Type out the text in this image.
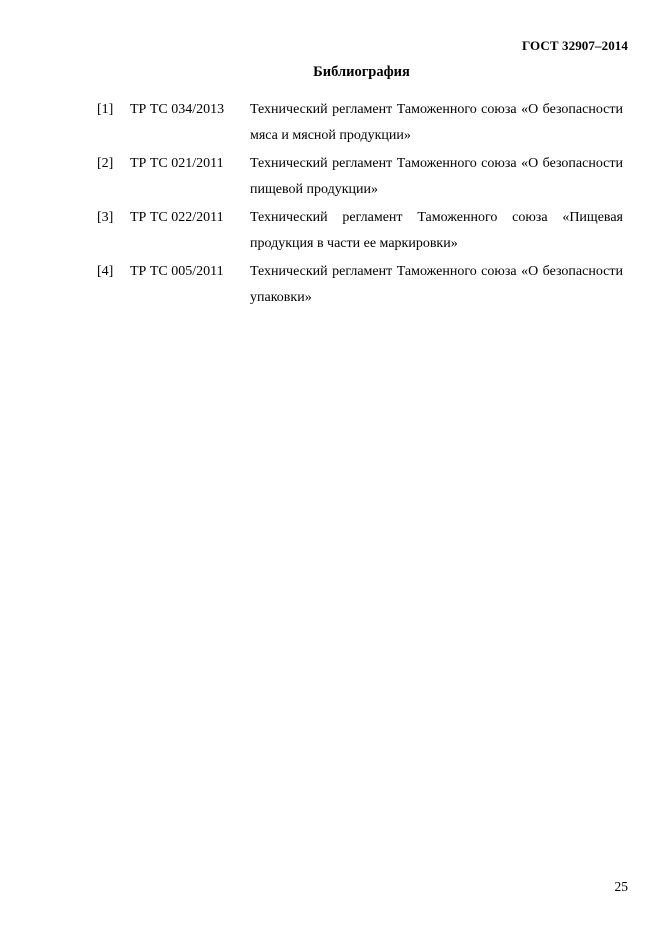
ГОСТ 32907–2014
Библиография
[1] ТР ТС 034/2013 Технический регламент Таможенного союза «О безопасности мяса и мясной продукции»
[2] ТР ТС 021/2011 Технический регламент Таможенного союза «О безопасности пищевой продукции»
[3] ТР ТС 022/2011 Технический регламент Таможенного союза «Пищевая продукция в части ее маркировки»
[4] ТР ТС 005/2011 Технический регламент Таможенного союза «О безопасности упаковки»
25
